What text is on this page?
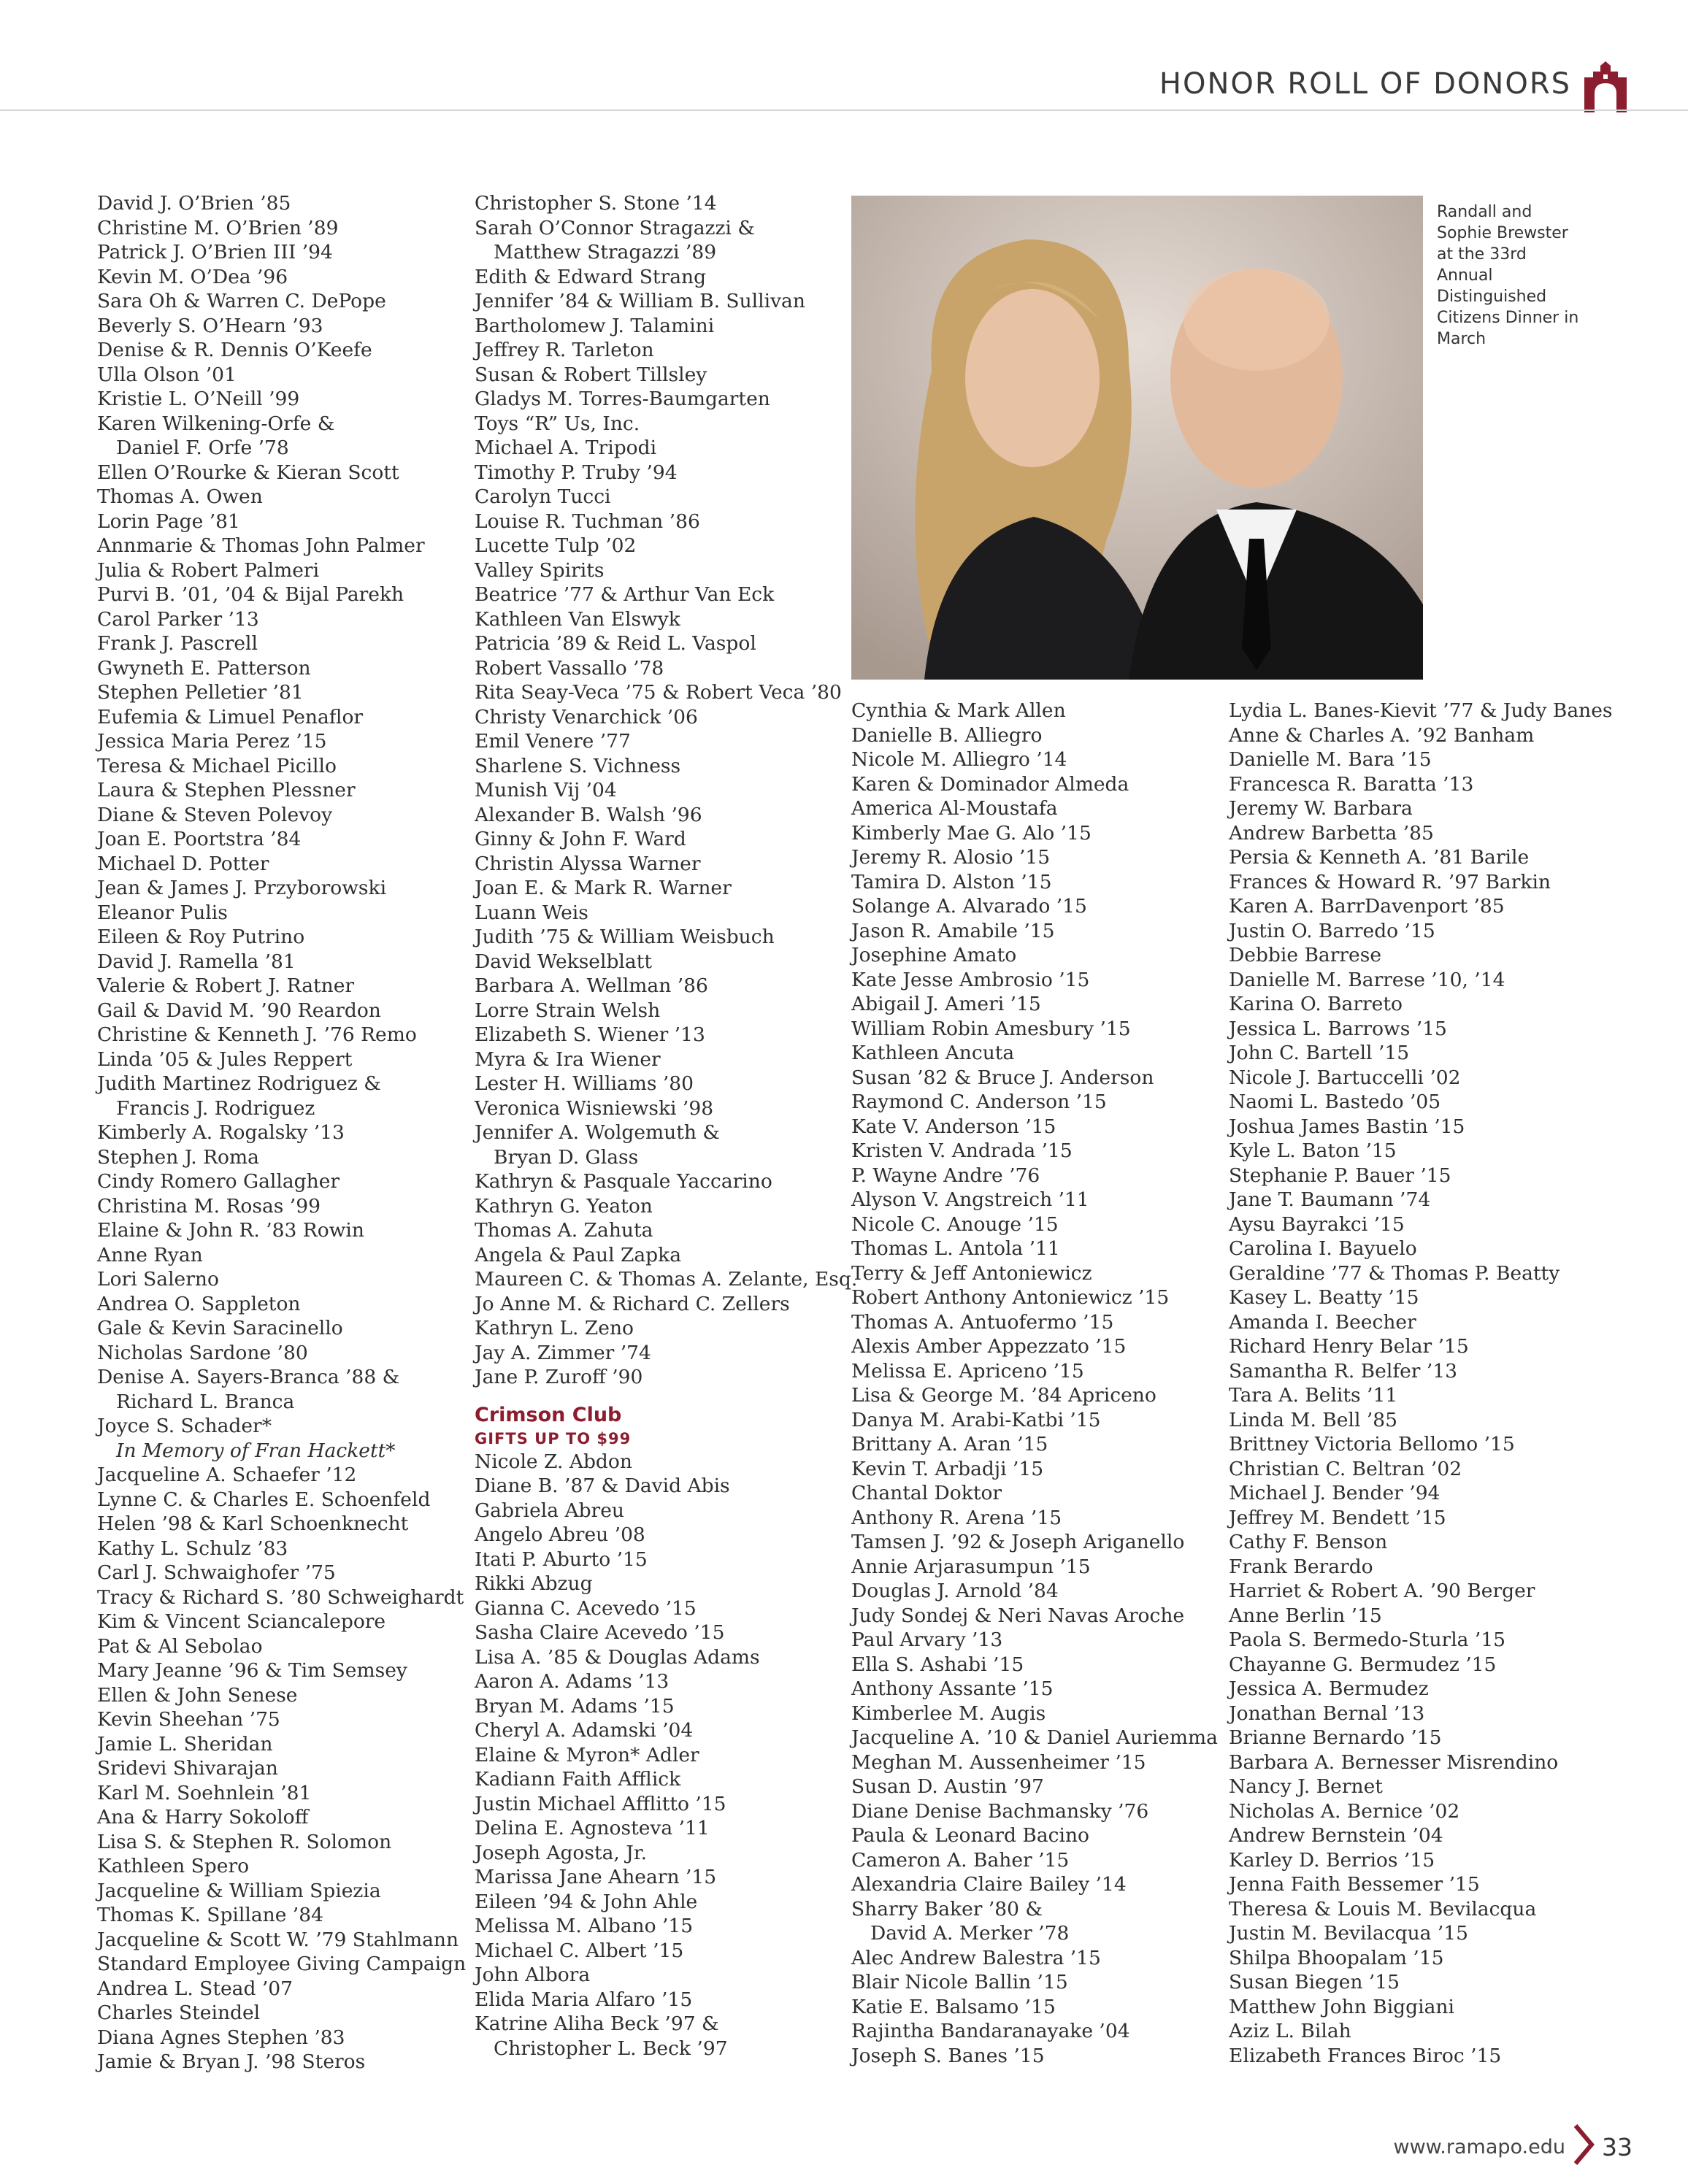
HONOR ROLL OF DONORS
David J. O’Brien ’85
Christine M. O’Brien ’89
Patrick J. O’Brien III ’94
Kevin M. O’Dea ’96
Sara Oh & Warren C. DePope
Beverly S. O’Hearn ’93
Denise & R. Dennis O’Keefe
Ulla Olson ’01
Kristie L. O’Neill ’99
Karen Wilkening-Orfe &
Daniel F. Orfe ’78
Ellen O’Rourke & Kieran Scott
Thomas A. Owen
Lorin Page ’81
Annmarie & Thomas John Palmer
Julia & Robert Palmeri
Purvi B. ’01, ’04 & Bijal Parekh
Carol Parker ’13
Frank J. Pascrell
Gwyneth E. Patterson
Stephen Pelletier ’81
Eufemia & Limuel Penaflor
Jessica Maria Perez ’15
Teresa & Michael Picillo
Laura & Stephen Plessner
Diane & Steven Polevoy
Joan E. Poortstra ’84
Michael D. Potter
Jean & James J. Przyborowski
Eleanor Pulis
Eileen & Roy Putrino
David J. Ramella ’81
Valerie & Robert J. Ratner
Gail & David M. ’90 Reardon
Christine & Kenneth J. ’76 Remo
Linda ’05 & Jules Reppert
Judith Martinez Rodriguez &
Francis J. Rodriguez
Kimberly A. Rogalsky ’13
Stephen J. Roma
Cindy Romero Gallagher
Christina M. Rosas ’99
Elaine & John R. ’83 Rowin
Anne Ryan
Lori Salerno
Andrea O. Sappleton
Gale & Kevin Saracinello
Nicholas Sardone ’80
Denise A. Sayers-Branca ’88 &
Richard L. Branca
Joyce S. Schader*
In Memory of Fran Hackett*
Jacqueline A. Schaefer ’12
Lynne C. & Charles E. Schoenfeld
Helen ’98 & Karl Schoenknecht
Kathy L. Schulz ’83
Carl J. Schwaighofer ’75
Tracy & Richard S. ’80 Schweighardt
Kim & Vincent Sciancalepore
Pat & Al Sebolao
Mary Jeanne ’96 & Tim Semsey
Ellen & John Senese
Kevin Sheehan ’75
Jamie L. Sheridan
Sridevi Shivarajan
Karl M. Soehnlein ’81
Ana & Harry Sokoloff
Lisa S. & Stephen R. Solomon
Kathleen Spero
Jacqueline & William Spiezia
Thomas K. Spillane ’84
Jacqueline & Scott W. ’79 Stahlmann
Standard Employee Giving Campaign
Andrea L. Stead ’07
Charles Steindel
Diana Agnes Stephen ’83
Jamie & Bryan J. ’98 Steros
Christopher S. Stone ’14
Sarah O’Connor Stragazzi &
Matthew Stragazzi ’89
Edith & Edward Strang
Jennifer ’84 & William B. Sullivan
Bartholomew J. Talamini
Jeffrey R. Tarleton
Susan & Robert Tillsley
Gladys M. Torres-Baumgarten
Toys “R” Us, Inc.
Michael A. Tripodi
Timothy P. Truby ’94
Carolyn Tucci
Louise R. Tuchman ’86
Lucette Tulp ’02
Valley Spirits
Beatrice ’77 & Arthur Van Eck
Kathleen Van Elswyk
Patricia ’89 & Reid L. Vaspol
Robert Vassallo ’78
Rita Seay-Veca ’75 & Robert Veca ’80
Christy Venarchick ’06
Emil Venere ’77
Sharlene S. Vichness
Munish Vij ’04
Alexander B. Walsh ’96
Ginny & John F. Ward
Christin Alyssa Warner
Joan E. & Mark R. Warner
Luann Weis
Judith ’75 & William Weisbuch
David Wekselblatt
Barbara A. Wellman ’86
Lorre Strain Welsh
Elizabeth S. Wiener ’13
Myra & Ira Wiener
Lester H. Williams ’80
Veronica Wisniewski ’98
Jennifer A. Wolgemuth &
Bryan D. Glass
Kathryn & Pasquale Yaccarino
Kathryn G. Yeaton
Thomas A. Zahuta
Angela & Paul Zapka
Maureen C. & Thomas A. Zelante, Esq.
Jo Anne M. & Richard C. Zellers
Kathryn L. Zeno
Jay A. Zimmer ’74
Jane P. Zuroff ’90
Crimson Club
GIFTS UP TO $99
Nicole Z. Abdon
Diane B. ’87 & David Abis
Gabriela Abreu
Angelo Abreu ’08
Itati P. Aburto ’15
Rikki Abzug
Gianna C. Acevedo ’15
Sasha Claire Acevedo ’15
Lisa A. ’85 & Douglas Adams
Aaron A. Adams ’13
Bryan M. Adams ’15
Cheryl A. Adamski ’04
Elaine & Myron* Adler
Kadiann Faith Afflick
Justin Michael Afflitto ’15
Delina E. Agnosteva ’11
Joseph Agosta, Jr.
Marissa Jane Ahearn ’15
Eileen ’94 & John Ahle
Melissa M. Albano ’15
Michael C. Albert ’15
John Albora
Elida Maria Alfaro ’15
Katrine Aliha Beck ’97 &
Christopher L. Beck ’97
Cynthia & Mark Allen
Danielle B. Alliegro
Nicole M. Alliegro ’14
Karen & Dominador Almeda
America Al-Moustafa
Kimberly Mae G. Alo ’15
Jeremy R. Alosio ’15
Tamira D. Alston ’15
Solange A. Alvarado ’15
Jason R. Amabile ’15
Josephine Amato
Kate Jesse Ambrosio ’15
Abigail J. Ameri ’15
William Robin Amesbury ’15
Kathleen Ancuta
Susan ’82 & Bruce J. Anderson
Raymond C. Anderson ’15
Kate V. Anderson ’15
Kristen V. Andrada ’15
P. Wayne Andre ’76
Alyson V. Angstreich ’11
Nicole C. Anouge ’15
Thomas L. Antola ’11
Terry & Jeff Antoniewicz
Robert Anthony Antoniewicz ’15
Thomas A. Antuofermo ’15
Alexis Amber Appezzato ’15
Melissa E. Apriceno ’15
Lisa & George M. ’84 Apriceno
Danya M. Arabi-Katbi ’15
Brittany A. Aran ’15
Kevin T. Arbadji ’15
Chantal Doktor
Anthony R. Arena ’15
Tamsen J. ’92 & Joseph Ariganello
Annie Arjarasumpun ’15
Douglas J. Arnold ’84
Judy Sondej & Neri Navas Aroche
Paul Arvary ’13
Ella S. Ashabi ’15
Anthony Assante ’15
Kimberlee M. Augis
Jacqueline A. ’10 & Daniel Auriemma
Meghan M. Aussenheimer ’15
Susan D. Austin ’97
Diane Denise Bachmansky ’76
Paula & Leonard Bacino
Cameron A. Baher ’15
Alexandria Claire Bailey ’14
Sharry Baker ’80 &
David A. Merker ’78
Alec Andrew Balestra ’15
Blair Nicole Ballin ’15
Katie E. Balsamo ’15
Rajintha Bandaranayake ’04
Joseph S. Banes ’15
Lydia L. Banes-Kievit ’77 & Judy Banes
Anne & Charles A. ’92 Banham
Danielle M. Bara ’15
Francesca R. Baratta ’13
Jeremy W. Barbara
Andrew Barbetta ’85
Persia & Kenneth A. ’81 Barile
Frances & Howard R. ’97 Barkin
Karen A. BarrDavenport ’85
Justin O. Barredo ’15
Debbie Barrese
Danielle M. Barrese ’10, ’14
Karina O. Barreto
Jessica L. Barrows ’15
John C. Bartell ’15
Nicole J. Bartuccelli ’02
Naomi L. Bastedo ’05
Joshua James Bastin ’15
Kyle L. Baton ’15
Stephanie P. Bauer ’15
Jane T. Baumann ’74
Aysu Bayrakci ’15
Carolina I. Bayuelo
Geraldine ’77 & Thomas P. Beatty
Kasey L. Beatty ’15
Amanda I. Beecher
Richard Henry Belar ’15
Samantha R. Belfer ’13
Tara A. Belits ’11
Linda M. Bell ’85
Brittney Victoria Bellomo ’15
Christian C. Beltran ’02
Michael J. Bender ’94
Jeffrey M. Bendett ’15
Cathy F. Benson
Frank Berardo
Harriet & Robert A. ’90 Berger
Anne Berlin ’15
Paola S. Bermedo-Sturla ’15
Chayanne G. Bermudez ’15
Jessica A. Bermudez
Jonathan Bernal ’13
Brianne Bernardo ’15
Barbara A. Bernesser Misrendino
Nancy J. Bernet
Nicholas A. Bernice ’02
Andrew Bernstein ’04
Karley D. Berrios ’15
Jenna Faith Bessemer ’15
Theresa & Louis M. Bevilacqua
Justin M. Bevilacqua ’15
Shilpa Bhoopalam ’15
Susan Biegen ’15
Matthew John Biggiani
Aziz L. Bilah
Elizabeth Frances Biroc ’15
Randall and Sophie Brewster at the 33rd Annual Distinguished Citizens Dinner in March
www.ramapo.edu 33
